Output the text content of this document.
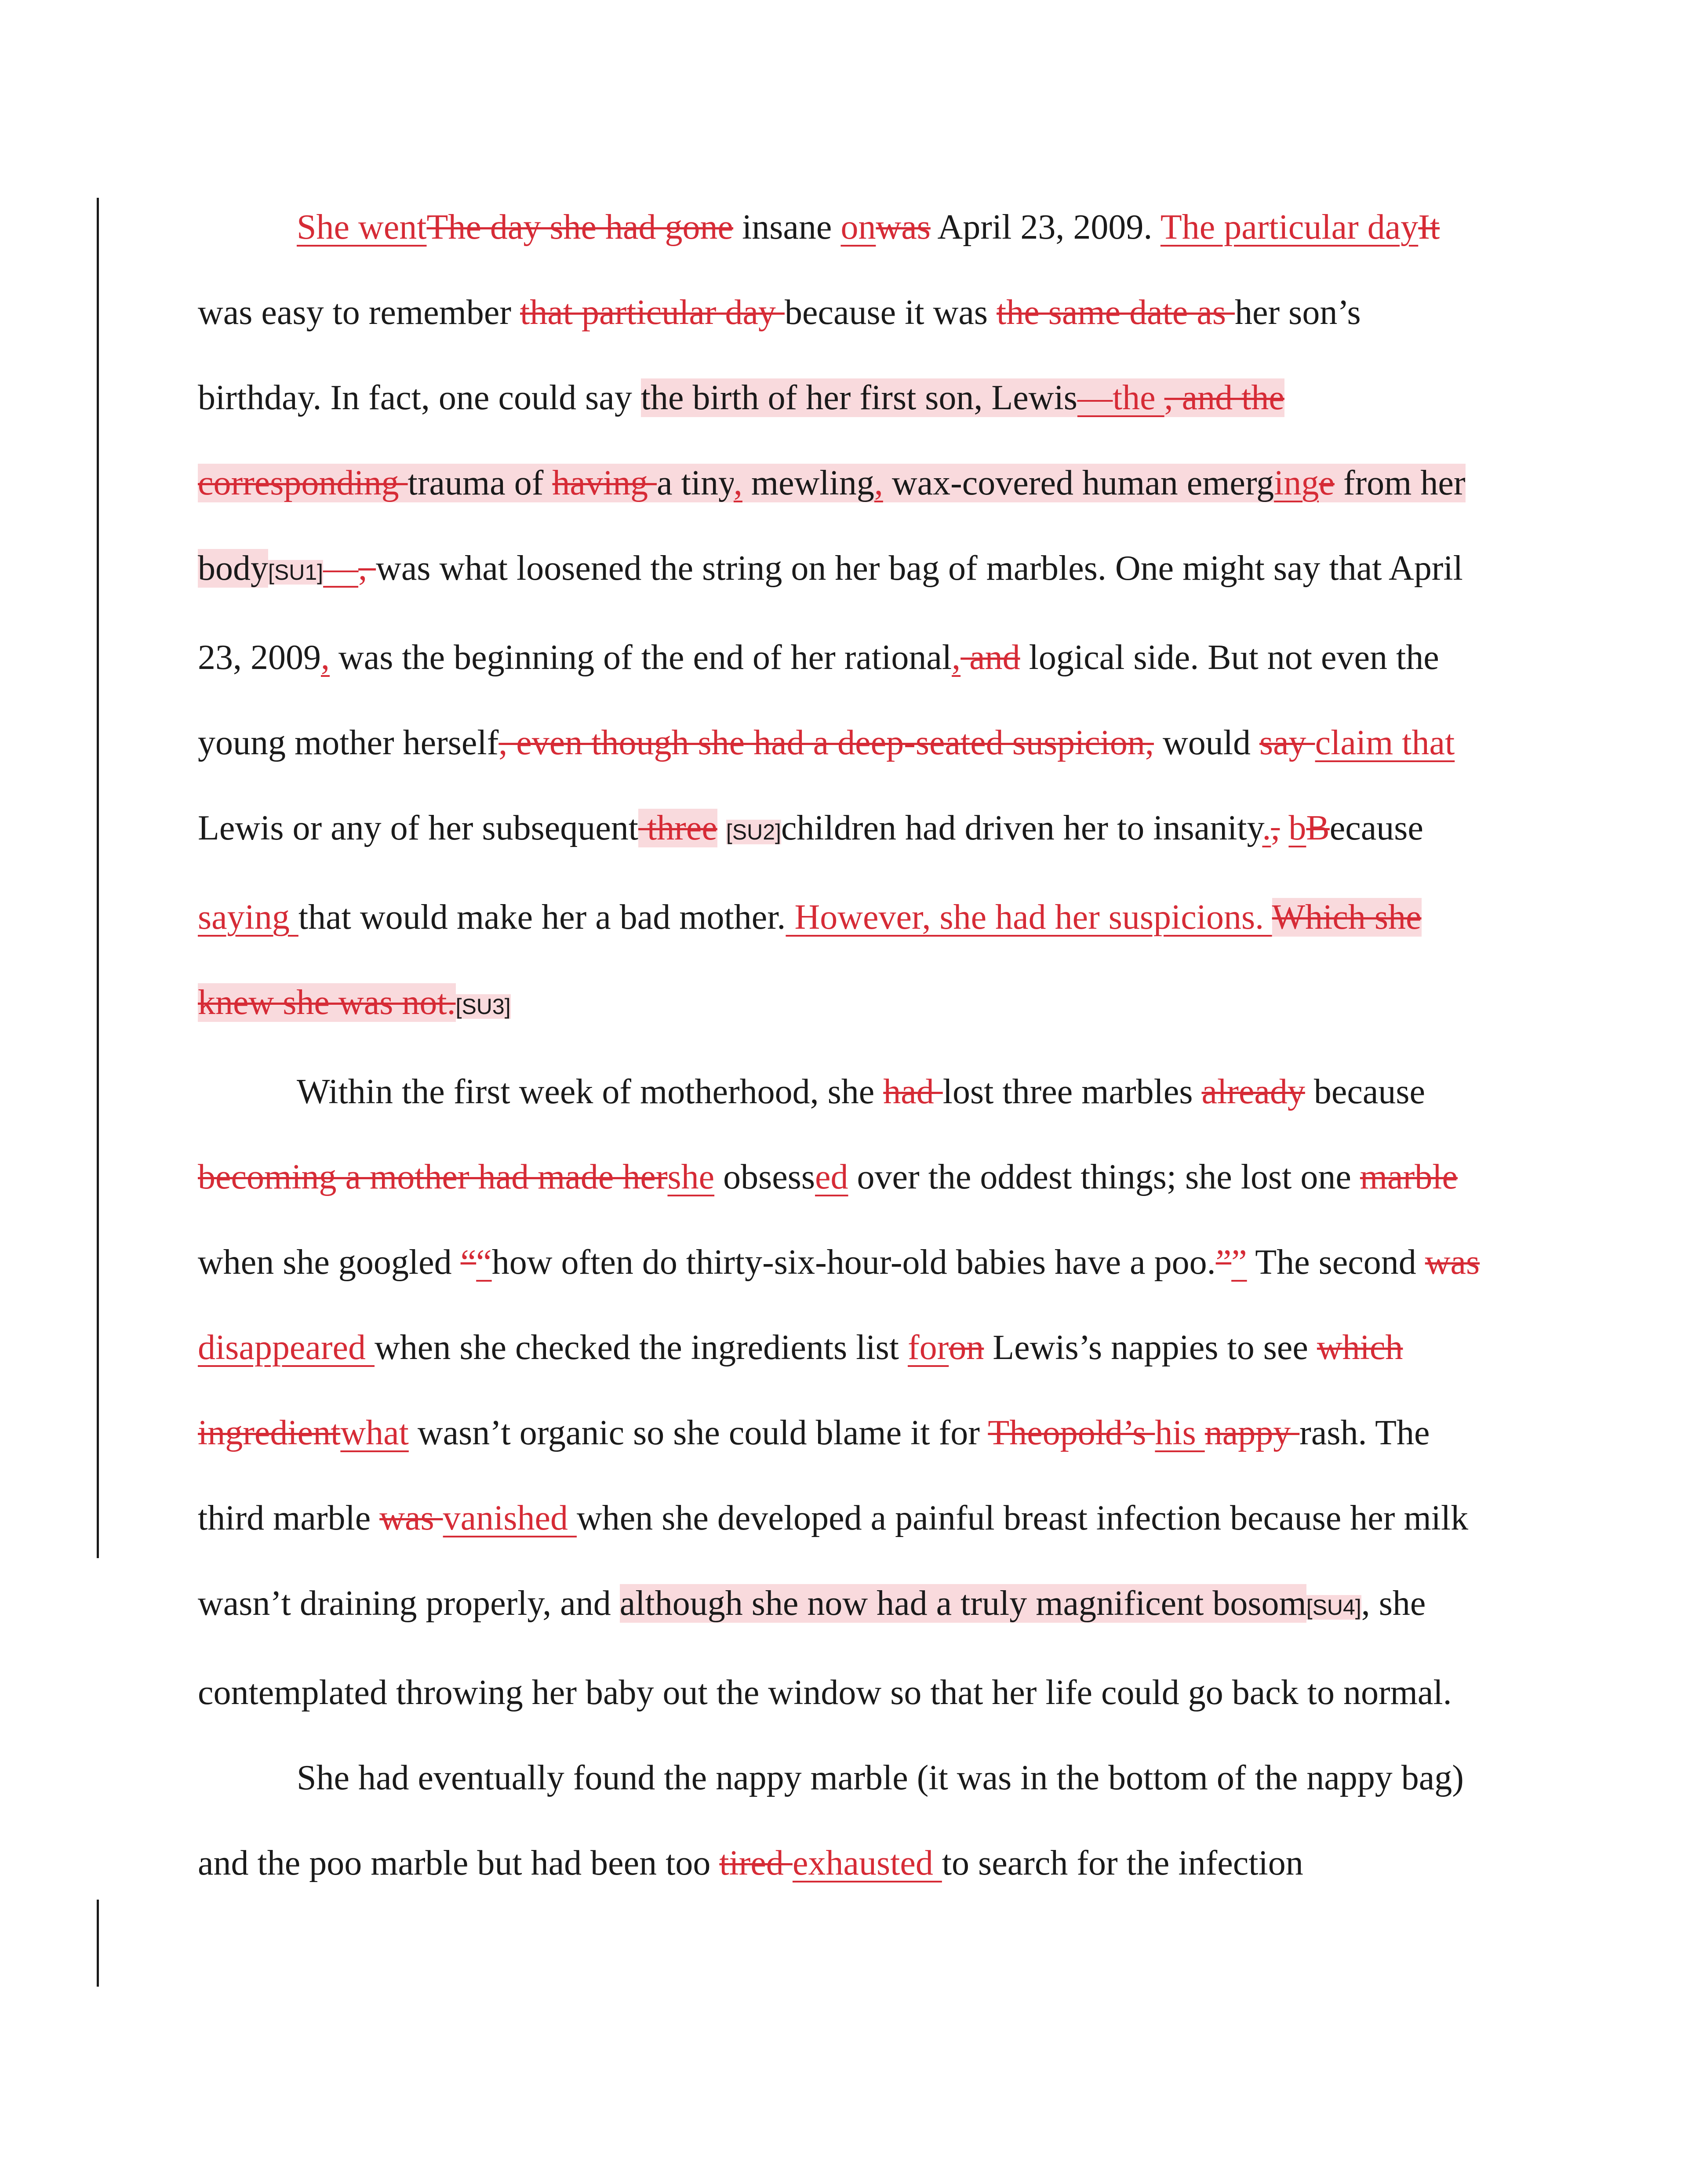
She wentThe day she had gone insane onwas April 23, 2009. The particular dayIt was easy to remember that particular day because it was the same date as her son’s birthday. In fact, one could say the birth of her first son, Lewis—the , and the corresponding trauma of having a tiny, mewling, wax-covered human emerginge from her body[SU1]—, was what loosened the string on her bag of marbles. One might say that April 23, 2009, was the beginning of the end of her rational, and logical side. But not even the young mother herself, even though she had a deep-seated suspicion, would say claim that Lewis or any of her subsequent three [SU2]children had driven her to insanity., bBecause saying that would make her a bad mother. However, she had her suspicions. Which she knew she was not.[SU3]

Within the first week of motherhood, she had lost three marbles already because becoming a mother had made hershe obsessed over the oddest things; she lost one marble when she googled ““how often do thirty-six-hour-old babies have a poo.”” The second was disappeared when she checked the ingredients list foron Lewis’s nappies to see which ingredientwhat wasn’t organic so she could blame it for Theopold’s his nappy rash. The third marble was vanished when she developed a painful breast infection because her milk wasn’t draining properly, and although she now had a truly magnificent bosom[SU4], she contemplated throwing her baby out the window so that her life could go back to normal.

She had eventually found the nappy marble (it was in the bottom of the nappy bag) and the poo marble but had been too tired exhausted to search for the infection
